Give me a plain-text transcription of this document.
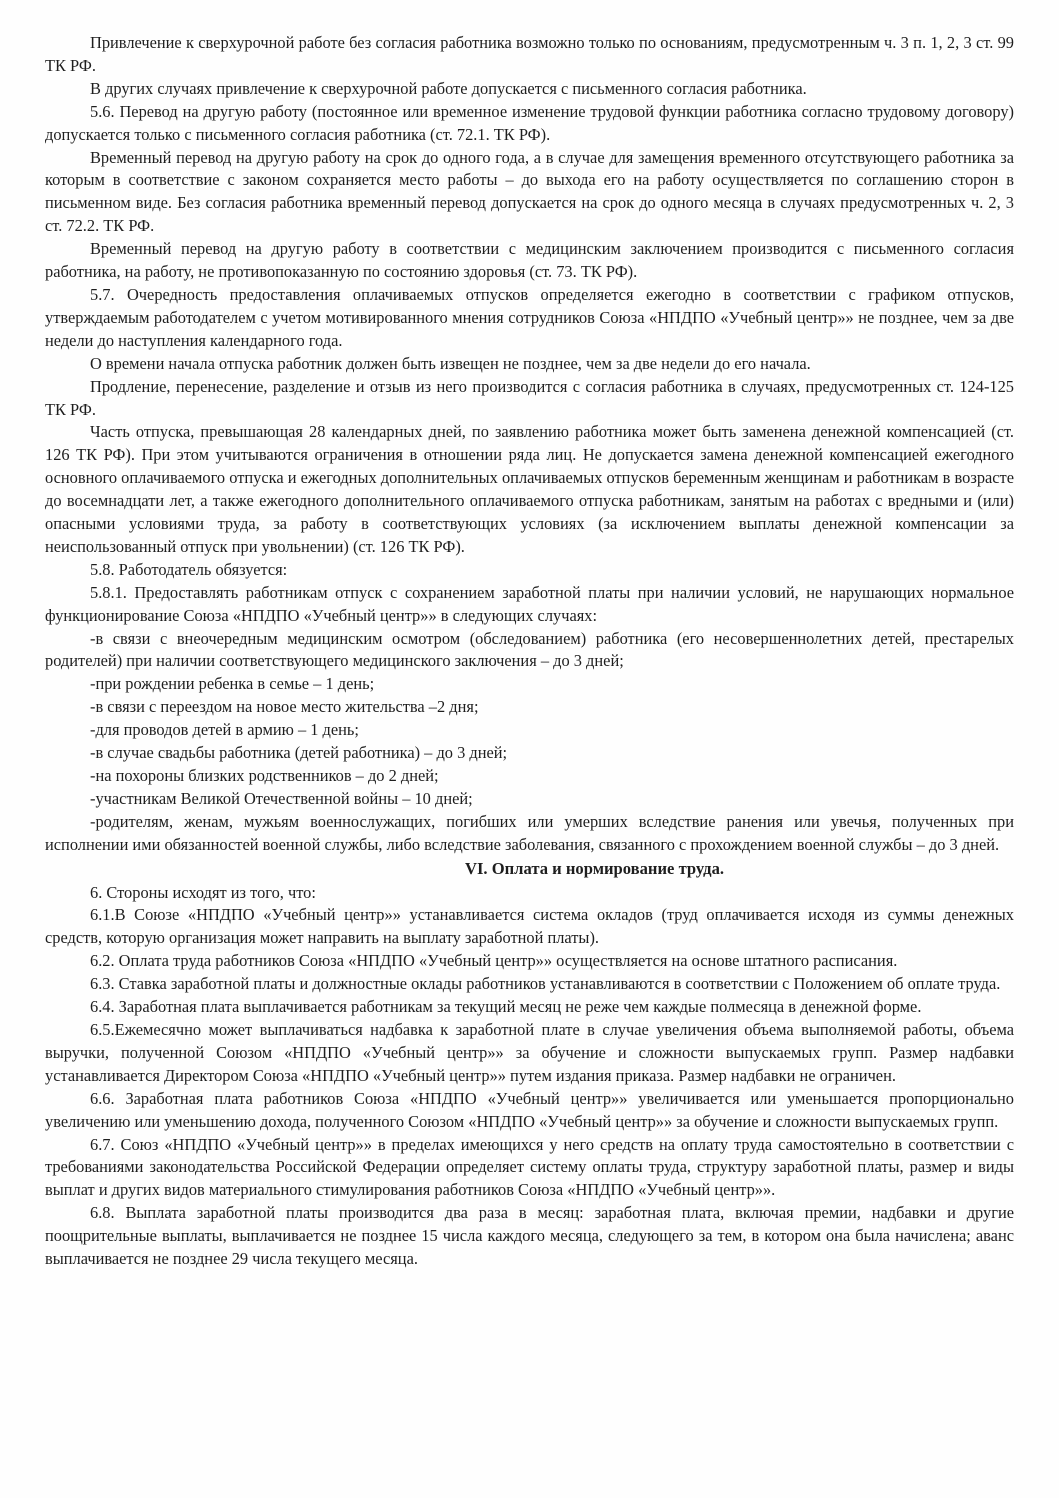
Привлечение к сверхурочной работе без согласия работника возможно только по основаниям, предусмотренным ч. 3 п. 1, 2, 3 ст. 99 ТК РФ.

В других случаях привлечение к сверхурочной работе допускается с письменного согласия работника.

5.6. Перевод на другую работу (постоянное или временное изменение трудовой функции работника согласно трудовому договору) допускается только с письменного согласия работника (ст. 72.1. ТК РФ).

Временный перевод на другую работу на срок до одного года, а в случае для замещения временного отсутствующего работника за которым в соответствие с законом сохраняется место работы – до выхода его на работу осуществляется по соглашению сторон в письменном виде. Без согласия работника временный перевод допускается на срок до одного месяца в случаях предусмотренных ч. 2, 3 ст. 72.2. ТК РФ.

Временный перевод на другую работу в соответствии с медицинским заключением производится с письменного согласия работника, на работу, не противопоказанную по состоянию здоровья (ст. 73. ТК РФ).

5.7. Очередность предоставления оплачиваемых отпусков определяется ежегодно в соответствии с графиком отпусков, утверждаемым работодателем с учетом мотивированного мнения сотрудников Союза «НПДПО «Учебный центр»» не позднее, чем за две недели до наступления календарного года.

О времени начала отпуска работник должен быть извещен не позднее, чем за две недели до его начала.

Продление, перенесение, разделение и отзыв из него производится с согласия работника в случаях, предусмотренных ст. 124-125 ТК РФ.

Часть отпуска, превышающая 28 календарных дней, по заявлению работника может быть заменена денежной компенсацией (ст. 126 ТК РФ). При этом учитываются ограничения в отношении ряда лиц. Не допускается замена денежной компенсацией ежегодного основного оплачиваемого отпуска и ежегодных дополнительных оплачиваемых отпусков беременным женщинам и работникам в возрасте до восемнадцати лет, а также ежегодного дополнительного оплачиваемого отпуска работникам, занятым на работах с вредными и (или) опасными условиями труда, за работу в соответствующих условиях (за исключением выплаты денежной компенсации за неиспользованный отпуск при увольнении) (ст. 126 ТК РФ).

5.8. Работодатель обязуется:

5.8.1. Предоставлять работникам отпуск с сохранением заработной платы при наличии условий, не нарушающих нормальное функционирование Союза «НПДПО «Учебный центр»» в следующих случаях:

-в связи с внеочередным медицинским осмотром (обследованием) работника (его несовершеннолетних детей, престарелых родителей) при наличии соответствующего медицинского заключения – до 3 дней;

-при рождении ребенка в семье – 1 день;

-в связи с переездом на новое место жительства –2 дня;

-для проводов детей в армию – 1 день;

-в случае свадьбы работника (детей работника) – до 3 дней;

-на похороны близких родственников – до 2 дней;

-участникам Великой Отечественной войны – 10 дней;

-родителям, женам, мужьям военнослужащих, погибших или умерших вследствие ранения или увечья, полученных при исполнении ими обязанностей военной службы, либо вследствие заболевания, связанного с прохождением военной службы – до 3 дней.

VI. Оплата и нормирование труда.

6. Стороны исходят из того, что:

6.1.В Союзе «НПДПО «Учебный центр»» устанавливается система окладов (труд оплачивается исходя из суммы денежных средств, которую организация может направить на выплату заработной платы).

6.2. Оплата труда работников Союза «НПДПО «Учебный центр»» осуществляется на основе штатного расписания.

6.3. Ставка заработной платы и должностные оклады работников устанавливаются в соответствии с Положением об оплате труда.

6.4. Заработная плата выплачивается работникам за текущий месяц не реже чем каждые полмесяца в денежной форме.

6.5.Ежемесячно может выплачиваться надбавка к заработной плате в случае увеличения объема выполняемой работы, объема выручки, полученной Союзом «НПДПО «Учебный центр»» за обучение и сложности выпускаемых групп. Размер надбавки устанавливается Директором Союза «НПДПО «Учебный центр»» путем издания приказа. Размер надбавки не ограничен.

6.6. Заработная плата работников Союза «НПДПО «Учебный центр»» увеличивается или уменьшается пропорционально увеличению или уменьшению дохода, полученного Союзом «НПДПО «Учебный центр»» за обучение и сложности выпускаемых групп.

6.7. Союз «НПДПО «Учебный центр»» в пределах имеющихся у него средств на оплату труда самостоятельно в соответствии с требованиями законодательства Российской Федерации определяет систему оплаты труда, структуру заработной платы, размер и виды выплат и других видов материального стимулирования работников Союза «НПДПО «Учебный центр»».

6.8. Выплата заработной платы производится два раза в месяц: заработная плата, включая премии, надбавки и другие поощрительные выплаты, выплачивается не позднее 15 числа каждого месяца, следующего за тем, в котором она была начислена; аванс выплачивается не позднее 29 числа текущего месяца.
